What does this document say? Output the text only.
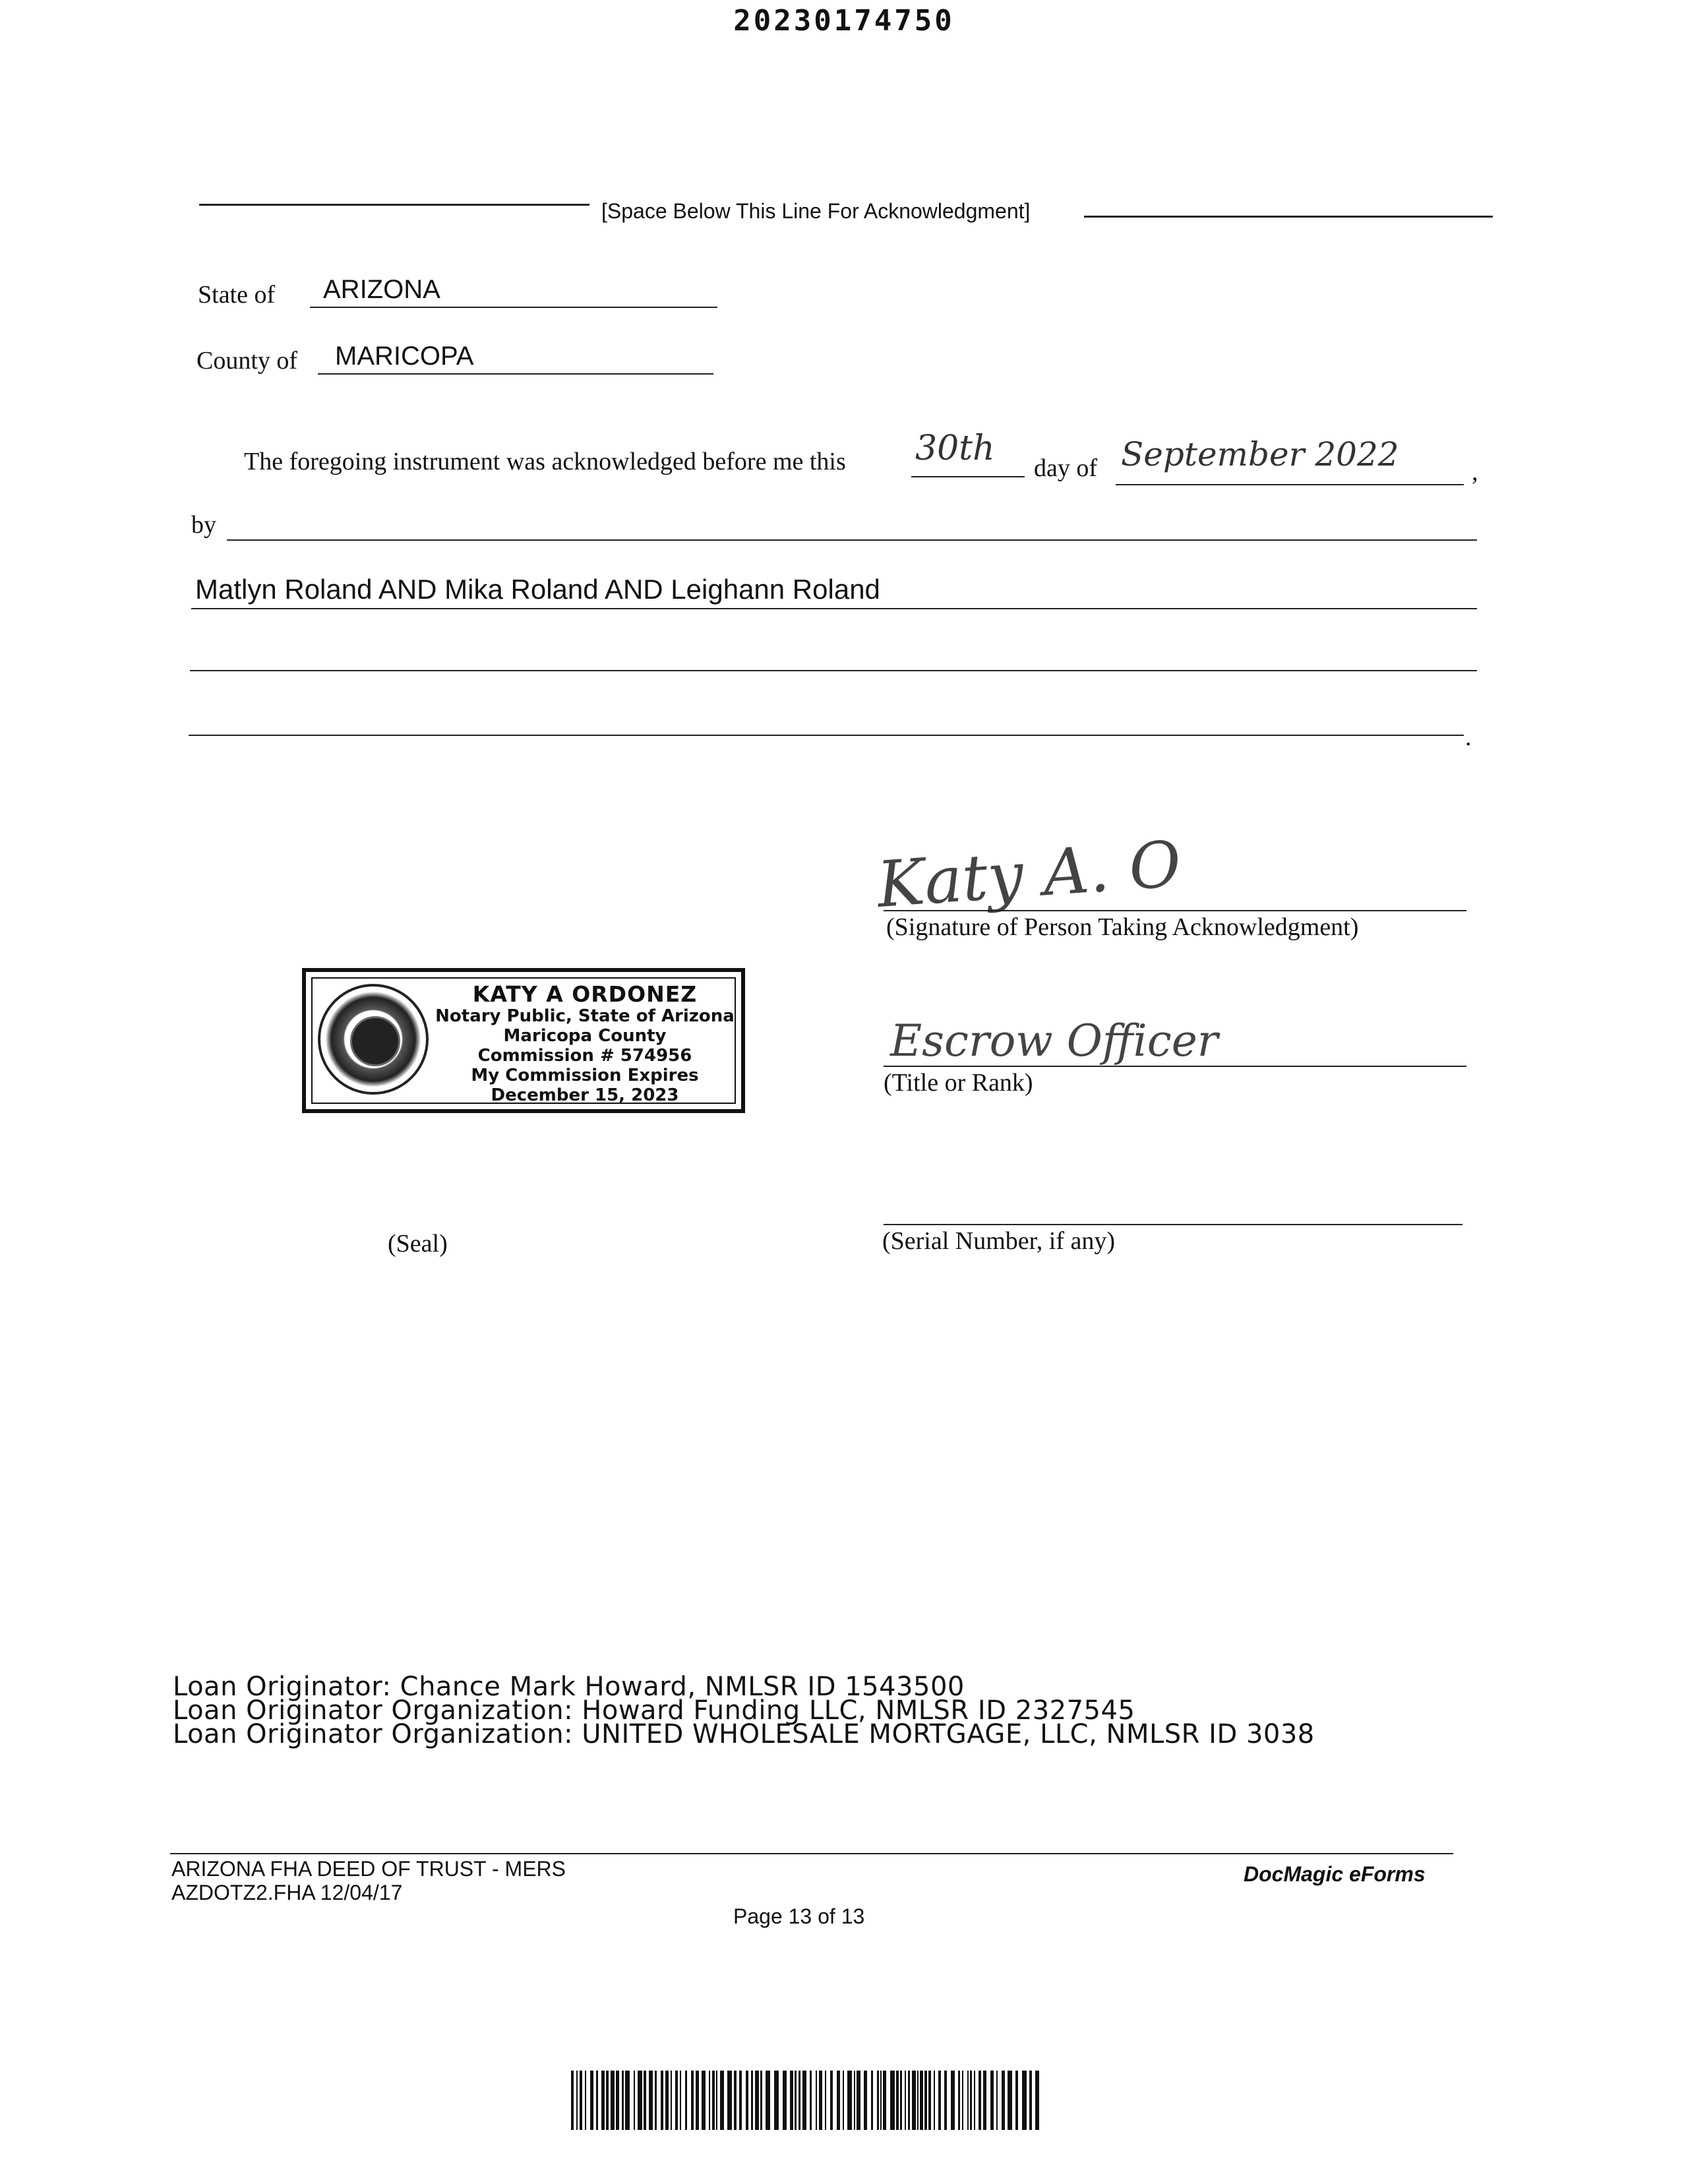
20230174750
[Space Below This Line For Acknowledgment]
State of ARIZONA
County of MARICOPA
The foregoing instrument was acknowledged before me this 30th day of September 2022	,
by
Matlyn Roland AND Mika Roland AND Leighann Roland
.
Katy A. O
(Signature of Person Taking Acknowledgment)
Escrow Officer
(Title or Rank)
KATY A ORDONEZ
Notary Public, State of Arizona
Maricopa County
Commission # 574956
My Commission Expires
December 15, 2023
(Serial Number, if any)
(Seal)
Loan Originator: Chance Mark Howard, NMLSR ID 1543500
Loan Originator Organization: Howard Funding LLC, NMLSR ID 2327545
Loan Originator Organization: UNITED WHOLESALE MORTGAGE, LLC, NMLSR ID 3038
ARIZONA FHA DEED OF TRUST - MERS
AZDOTZ2.FHA 12/04/17
DocMagic eForms
Page 13 of 13
